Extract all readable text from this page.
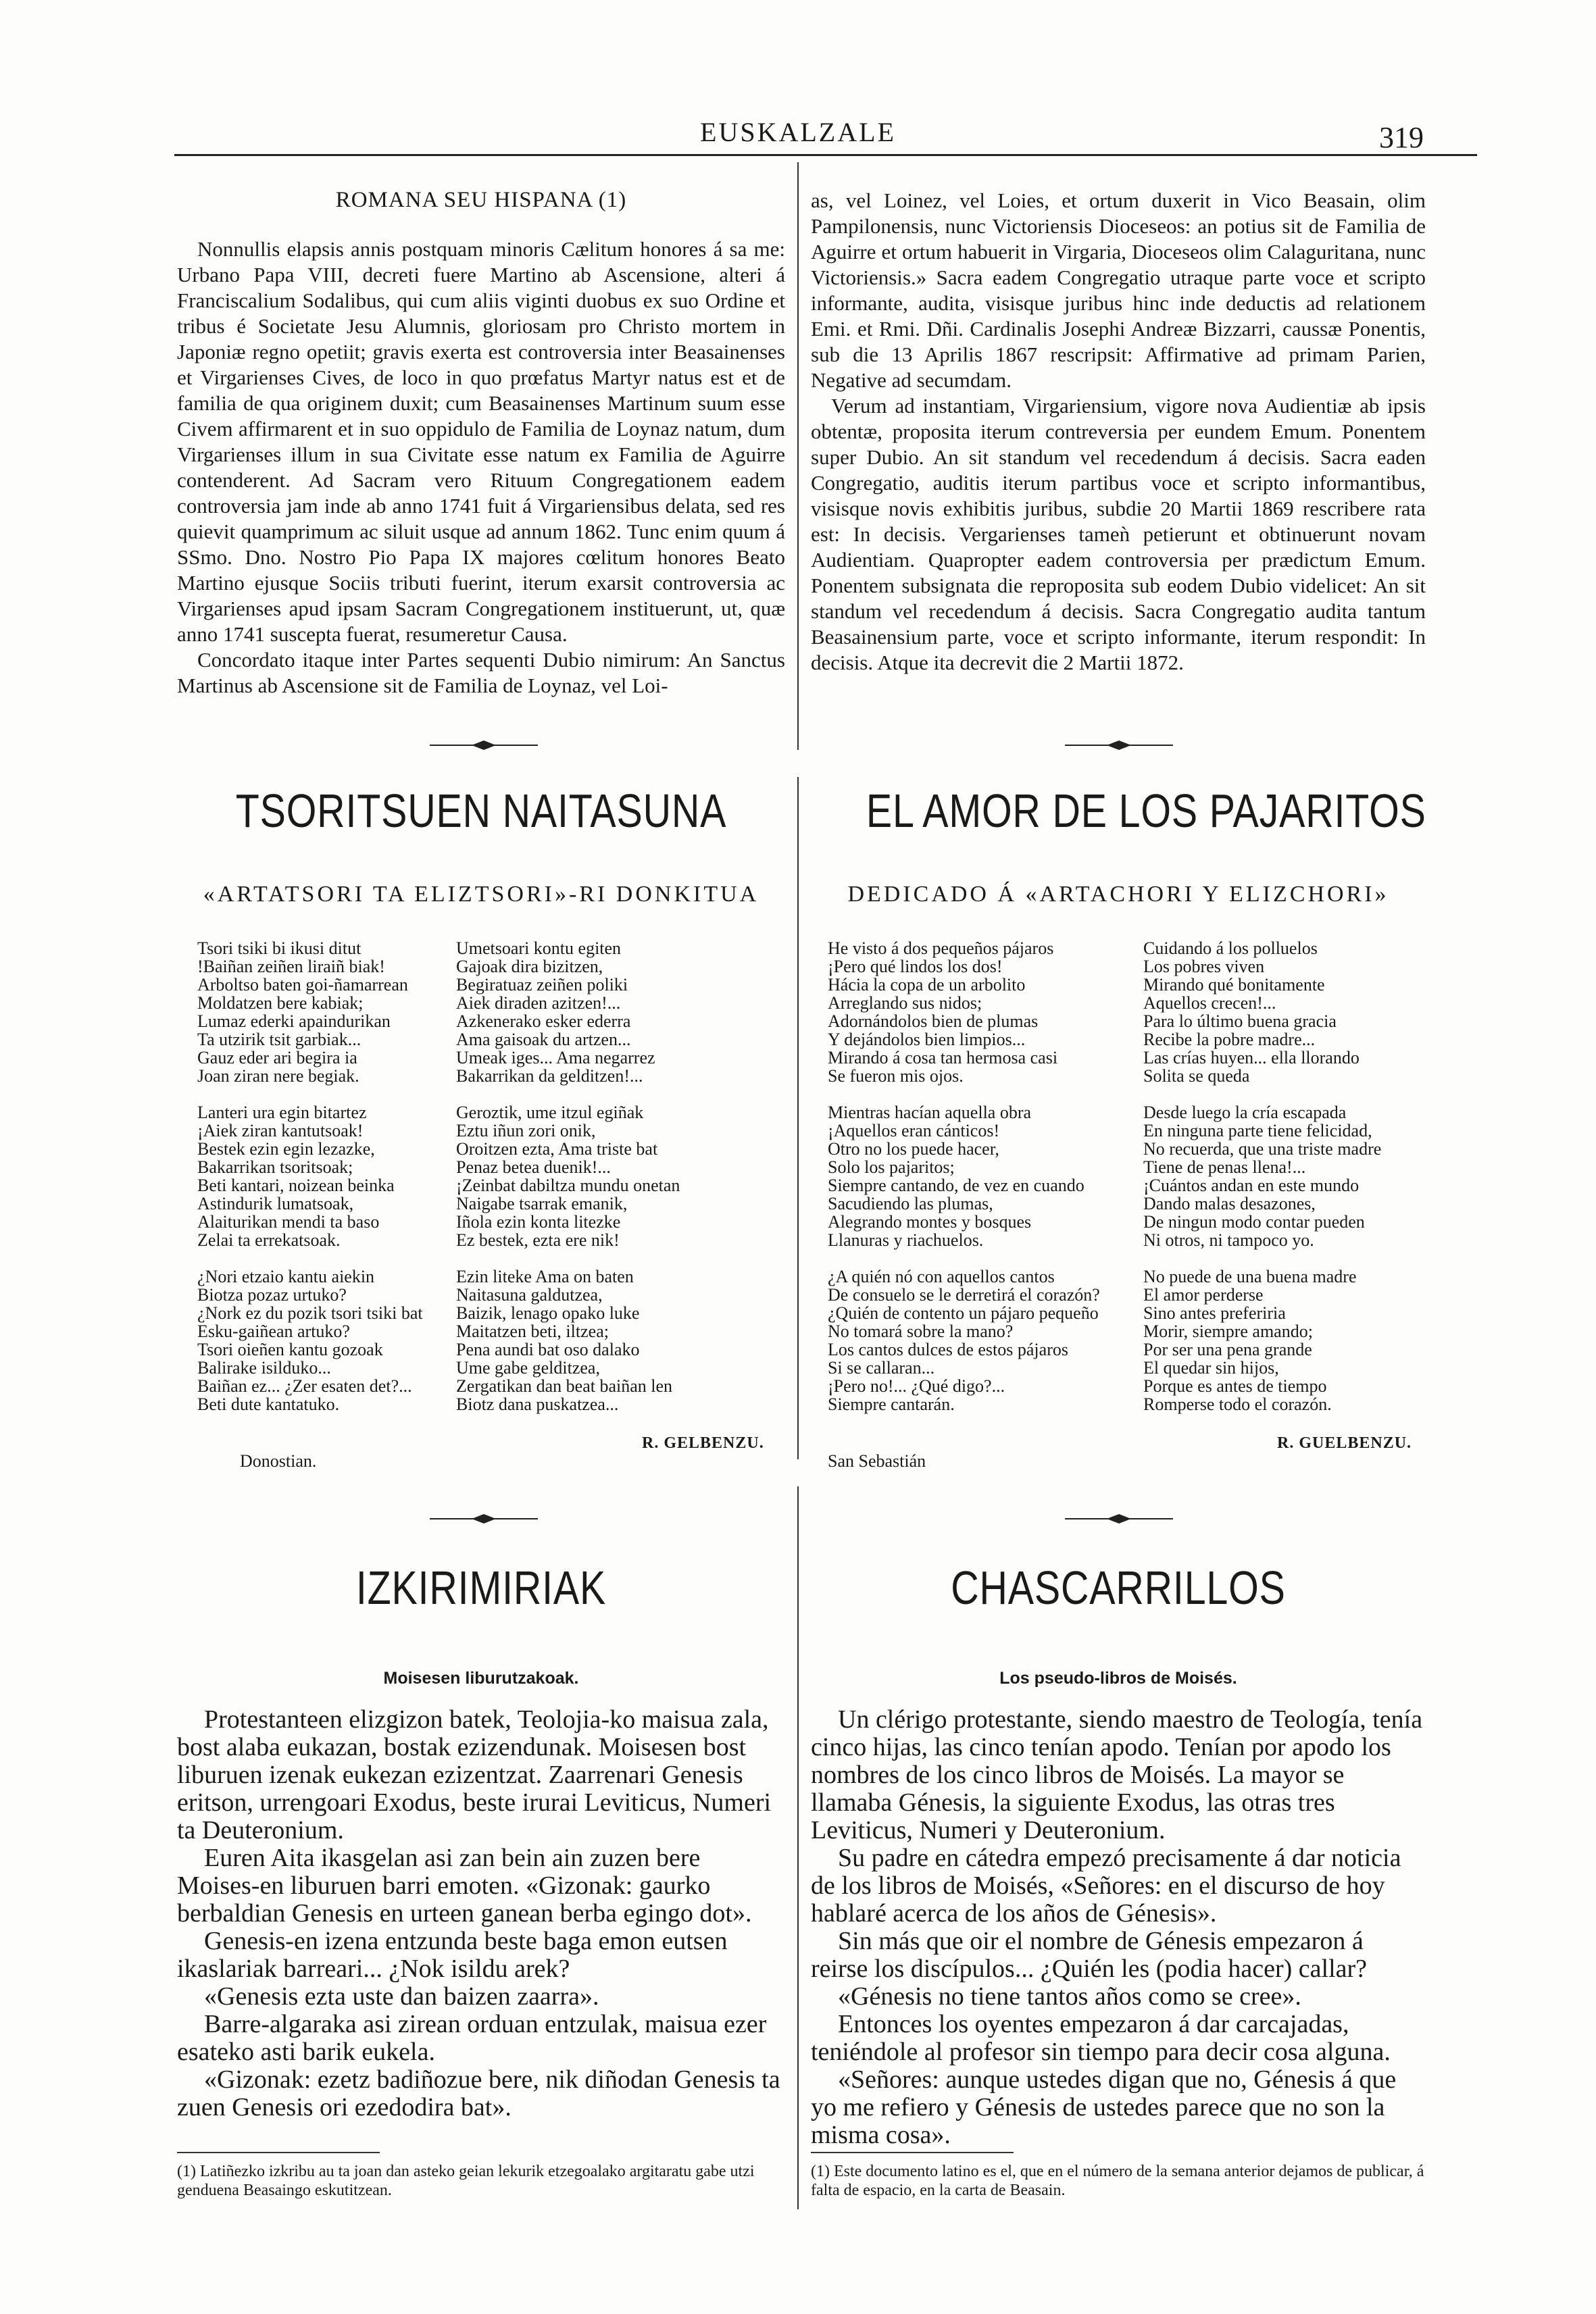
EUSKALZALE	319
ROMANA SEU HISPANA (1)

Nonnullis elapsis annis postquam minoris Cælitum honores á sa me: Urbano Papa VIII, decreti fuere Martino ab Ascensione, alteri á Franciscalium Sodalibus, qui cum aliis viginti duobus ex suo Ordine et tribus é Societate Jesu Alumnis, gloriosam pro Christo mortem in Japoniæ regno opetiit; gravis exerta est controversia inter Beasainenses et Virgarienses Cives, de loco in quo prœfatus Martyr natus est et de familia de qua originem duxit; cum Beasainenses Martinum suum esse Civem affirmarent et in suo oppidulo de Familia de Loynaz natum, dum Virgarienses illum in sua Civitate esse natum ex Familia de Aguirre contenderent. Ad Sacram vero Rituum Congregationem eadem controversia jam inde ab anno 1741 fuit á Virgariensibus delata, sed res quievit quamprimum ac siluit usque ad annum 1862. Tunc enim quum á SSmo. Dno. Nostro Pio Papa IX majores cœlitum honores Beato Martino ejusque Sociis tributi fuerint, iterum exarsit controversia ac Virgarienses apud ipsam Sacram Congregationem instituerunt, ut, quæ anno 1741 suscepta fuerat, resumeretur Causa.

Concordato itaque inter Partes sequenti Dubio nimirum: An Sanctus Martinus ab Ascensione sit de Familia de Loynaz, vel Loi-

as, vel Loinez, vel Loies, et ortum duxerit in Vico Beasain, olim Pampilonensis, nunc Victoriensis Dioceseos: an potius sit de Familia de Aguirre et ortum habuerit in Virgaria, Dioceseos olim Calaguritana, nunc Victoriensis.» Sacra eadem Congregatio utraque parte voce et scripto informante, audita, visisque juribus hinc inde deductis ad relationem Emi. et Rmi. Dñi. Cardinalis Josephi Andreæ Bizzarri, caussæ Ponentis, sub die 13 Aprilis 1867 rescripsit: Affirmative ad primam Parien, Negative ad secumdam.

Verum ad instantiam, Virgariensium, vigore nova Audientiæ ab ipsis obtentæ, proposita iterum contreversia per eundem Emum. Ponentem super Dubio. An sit standum vel recedendum á decisis. Sacra eaden Congregatio, auditis iterum partibus voce et scripto informantibus, visisque novis exhibitis juribus, subdie 20 Martii 1869 rescribere rata est: In decisis. Vergarienses tameǹ petierunt et obtinuerunt novam Audientiam. Quapropter eadem controversia per prædictum Emum. Ponentem subsignata die reproposita sub eodem Dubio videlicet: An sit standum vel recedendum á decisis. Sacra Congregatio audita tantum Beasainensium parte, voce et scripto informante, iterum respondit: In decisis. Atque ita decrevit die 2 Martii 1872.

TSORITSUEN NAITASUNA
«ARTATSORI TA ELIZTSORI»-RI DONKITUA
Tsori tsiki bi ikusi ditut
!Baiñan zeiñen liraiñ biak!
Arboltso baten goi-ñamarrean
Moldatzen bere kabiak;
Lumaz ederki apaindurikan
Ta utzirik tsit garbiak...
Gauz eder ari begira ia
Joan ziran nere begiak.

Lanteri ura egin bitartez
¡Aiek ziran kantutsoak!
Bestek ezin egin lezazke,
Bakarrikan tsoritsoak;
Beti kantari, noizean beinka
Astindurik lumatsoak,
Alaiturikan mendi ta baso
Zelai ta errekatsoak.

¿Nori etzaio kantu aiekin
Biotza pozaz urtuko?
¿Nork ez du pozik tsori tsiki bat
Esku-gaiñean artuko?
Tsori oieñen kantu gozoak
Balirake isilduko...
Baiñan ez... ¿Zer esaten det?...
Beti dute kantatuko.
Umetsoari kontu egiten
Gajoak dira bizitzen,
Begiratuaz zeiñen poliki
Aiek diraden azitzen!...
Azkenerako esker ederra
Ama gaisoak du artzen...
Umeak iges... Ama negarrez
Bakarrikan da gelditzen!...

Geroztik, ume itzul egiñak
Eztu iñun zori onik,
Oroitzen ezta, Ama triste bat
Penaz betea duenik!...
¡Zeinbat dabiltza mundu onetan
Naigabe tsarrak emanik,
Iñola ezin konta litezke
Ez bestek, ezta ere nik!

Ezin liteke Ama on baten
Naitasuna galdutzea,
Baizik, lenago opako luke
Maitatzen beti, iltzea;
Pena aundi bat oso dalako
Ume gabe gelditzea,
Zergatikan dan beat baiñan len
Biotz dana puskatzea...
R. GELBENZU.
Donostian.
EL AMOR DE LOS PAJARITOS
DEDICADO Á «ARTACHORI Y ELIZCHORI»
He visto á dos pequeños pájaros
¡Pero qué lindos los dos!
Hácia la copa de un arbolito
Arreglando sus nidos;
Adornándolos bien de plumas
Y dejándolos bien limpios...
Mirando á cosa tan hermosa casi
Se fueron mis ojos.

Mientras hacían aquella obra
¡Aquellos eran cánticos!
Otro no los puede hacer,
Solo los pajaritos;
Siempre cantando, de vez en cuando
Sacudiendo las plumas,
Alegrando montes y bosques
Llanuras y riachuelos.

¿A quién nó con aquellos cantos
De consuelo se le derretirá el corazón?
¿Quién de contento un pájaro pequeño
No tomará sobre la mano?
Los cantos dulces de estos pájaros
Si se callaran...
¡Pero no!... ¿Qué digo?...
Siempre cantarán.
Cuidando á los polluelos
Los pobres viven
Mirando qué bonitamente
Aquellos crecen!...
Para lo último buena gracia
Recibe la pobre madre...
Las crías huyen... ella llorando
Solita se queda

Desde luego la cría escapada
En ninguna parte tiene felicidad,
No recuerda, que una triste madre
Tiene de penas llena!...
¡Cuántos andan en este mundo
Dando malas desazones,
De ningun modo contar pueden
Ni otros, ni tampoco yo.

No puede de una buena madre
El amor perderse
Sino antes preferiria
Morir, siempre amando;
Por ser una pena grande
El quedar sin hijos,
Porque es antes de tiempo
Romperse todo el corazón.
R. GUELBENZU.
San Sebastián
IZKIRIMIRIAK
Moisesen liburutzakoak.

Protestanteen elizgizon batek, Teolojia-ko maisua zala, bost alaba eukazan, bostak ezizendunak. Moisesen bost liburuen izenak eukezan ezizentzat. Zaarrenari Genesis eritson, urrengoari Exodus, beste irurai Leviticus, Numeri ta Deuteronium.

Euren Aita ikasgelan asi zan bein ain zuzen bere Moises-en liburuen barri emoten. «Gizonak: gaurko berbaldian Genesis en urteen ganean berba egingo dot».

Genesis-en izena entzunda beste baga emon eutsen ikaslariak barreari... ¿Nok isildu arek?

«Genesis ezta uste dan baizen zaarra».

Barre-algaraka asi zirean orduan entzulak, maisua ezer esateko asti barik eukela.

«Gizonak: ezetz badiñozue bere, nik diñodan Genesis ta zuen Genesis ori ezedodira bat».

(1) Latiñezko izkribu au ta joan dan asteko geian lekurik etzegoalako argitaratu gabe utzi genduena Beasaingo eskutitzean.
CHASCARRILLOS
Los pseudo-libros de Moisés.

Un clérigo protestante, siendo maestro de Teología, tenía cinco hijas, las cinco tenían apodo. Tenían por apodo los nombres de los cinco libros de Moisés. La mayor se llamaba Génesis, la siguiente Exodus, las otras tres Leviticus, Numeri y Deuteronium.

Su padre en cátedra empezó precisamente á dar noticia de los libros de Moisés, «Señores: en el discurso de hoy hablaré acerca de los años de Génesis».

Sin más que oir el nombre de Génesis empezaron á reirse los discípulos... ¿Quién les (podia hacer) callar?

«Génesis no tiene tantos años como se cree».

Entonces los oyentes empezaron á dar carcajadas, teniéndole al profesor sin tiempo para decir cosa alguna.

«Señores: aunque ustedes digan que no, Génesis á que yo me refiero y Génesis de ustedes parece que no son la misma cosa».

(1) Este documento latino es el, que en el número de la semana anterior dejamos de publicar, á falta de espacio, en la carta de Beasain.
